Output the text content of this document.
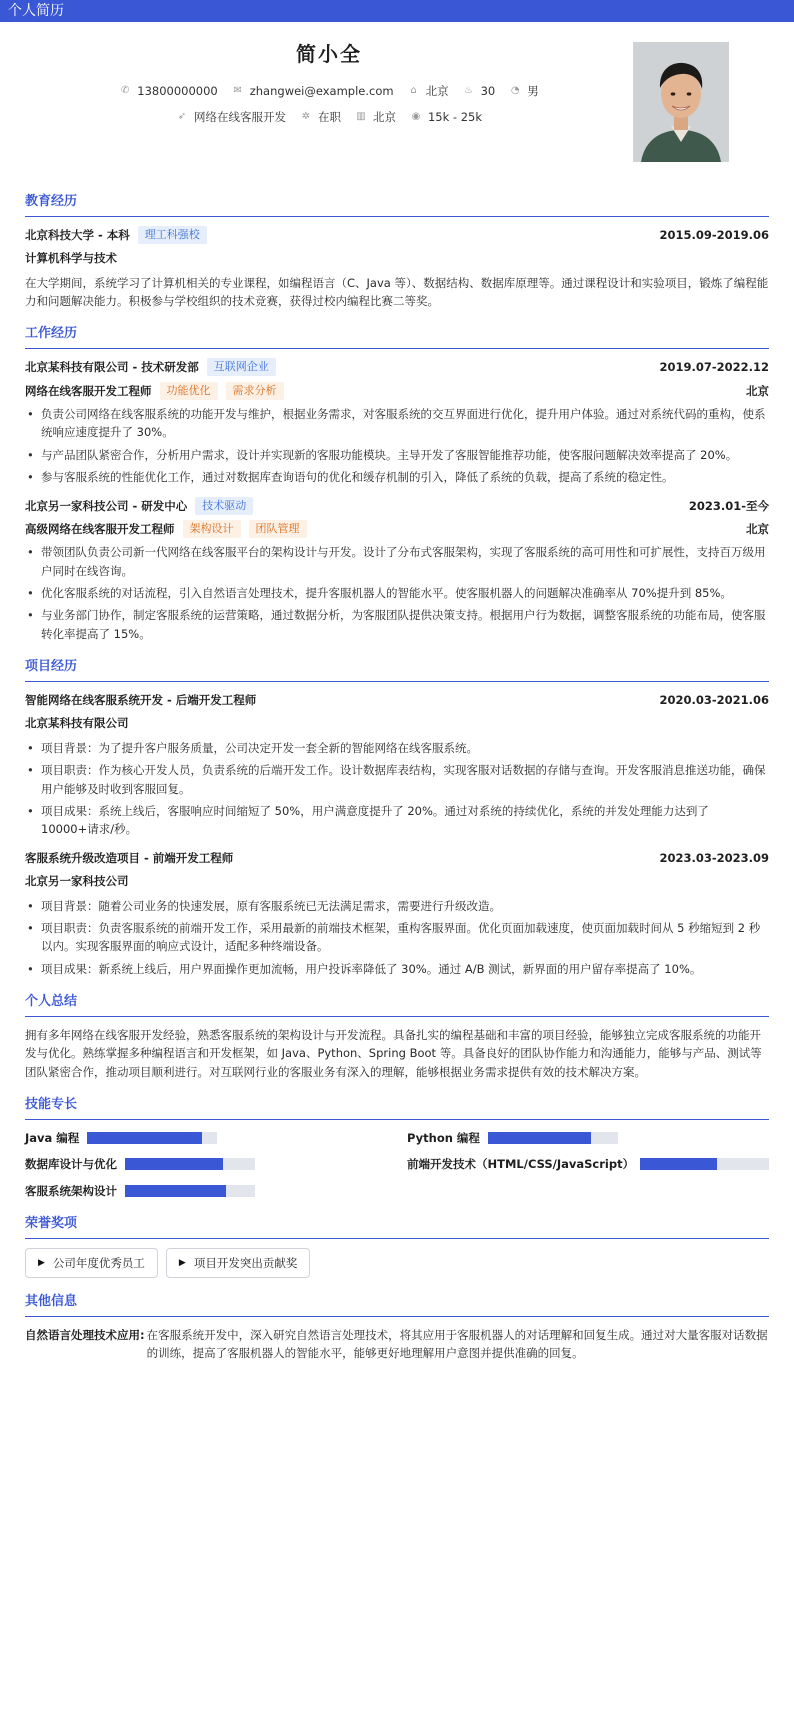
个人简历
简小全
✆ 13800000000 ✉ zhangwei@example.com ⌂ 北京 ♨ 30 ◔ 男
➶ 网络在线客服开发 ✲ 在职 ▥ 北京 ◉ 15k - 25k
教育经历
北京科技大学 - 本科	理工科强校	2015.09-2019.06
计算机科学与技术
在大学期间，系统学习了计算机相关的专业课程，如编程语言（C、Java 等）、数据结构、数据库原理等。通过课程设计和实验项目，锻炼了编程能力和问题解决能力。积极参与学校组织的技术竞赛，获得过校内编程比赛二等奖。
工作经历
北京某科技有限公司 - 技术研发部	互联网企业	2019.07-2022.12
网络在线客服开发工程师	功能优化	需求分析	北京
• 负责公司网络在线客服系统的功能开发与维护，根据业务需求，对客服系统的交互界面进行优化，提升用户体验。通过对系统代码的重构，使系统响应速度提升了 30%。
• 与产品团队紧密合作，分析用户需求，设计并实现新的客服功能模块。主导开发了客服智能推荐功能，使客服问题解决效率提高了 20%。
• 参与客服系统的性能优化工作，通过对数据库查询语句的优化和缓存机制的引入，降低了系统的负载，提高了系统的稳定性。
北京另一家科技公司 - 研发中心	技术驱动	2023.01-至今
高级网络在线客服开发工程师	架构设计	团队管理	北京
• 带领团队负责公司新一代网络在线客服平台的架构设计与开发。设计了分布式客服架构，实现了客服系统的高可用性和可扩展性，支持百万级用户同时在线咨询。
• 优化客服系统的对话流程，引入自然语言处理技术，提升客服机器人的智能水平。使客服机器人的问题解决准确率从 70%提升到 85%。
• 与业务部门协作，制定客服系统的运营策略，通过数据分析，为客服团队提供决策支持。根据用户行为数据，调整客服系统的功能布局，使客服转化率提高了 15%。
项目经历
智能网络在线客服系统开发 - 后端开发工程师	2020.03-2021.06
北京某科技有限公司
• 项目背景：为了提升客户服务质量，公司决定开发一套全新的智能网络在线客服系统。
• 项目职责：作为核心开发人员，负责系统的后端开发工作。设计数据库表结构，实现客服对话数据的存储与查询。开发客服消息推送功能，确保用户能够及时收到客服回复。
• 项目成果：系统上线后，客服响应时间缩短了 50%，用户满意度提升了 20%。通过对系统的持续优化，系统的并发处理能力达到了 10000+请求/秒。
客服系统升级改造项目 - 前端开发工程师	2023.03-2023.09
北京另一家科技公司
• 项目背景：随着公司业务的快速发展，原有客服系统已无法满足需求，需要进行升级改造。
• 项目职责：负责客服系统的前端开发工作，采用最新的前端技术框架，重构客服界面。优化页面加载速度，使页面加载时间从 5 秒缩短到 2 秒以内。实现客服界面的响应式设计，适配多种终端设备。
• 项目成果：新系统上线后，用户界面操作更加流畅，用户投诉率降低了 30%。通过 A/B 测试，新界面的用户留存率提高了 10%。
个人总结
拥有多年网络在线客服开发经验，熟悉客服系统的架构设计与开发流程。具备扎实的编程基础和丰富的项目经验，能够独立完成客服系统的功能开发与优化。熟练掌握多种编程语言和开发框架，如 Java、Python、Spring Boot 等。具备良好的团队协作能力和沟通能力，能够与产品、测试等团队紧密合作，推动项目顺利进行。对互联网行业的客服业务有深入的理解，能够根据业务需求提供有效的技术解决方案。
技能专长
Java 编程	Python 编程
数据库设计与优化	前端开发技术（HTML/CSS/JavaScript）
客服系统架构设计
荣誉奖项
▶ 公司年度优秀员工	▶ 项目开发突出贡献奖
其他信息
自然语言处理技术应用: 在客服系统开发中，深入研究自然语言处理技术，将其应用于客服机器人的对话理解和回复生成。通过对大量客服对话数据的训练，提高了客服机器人的智能水平，能够更好地理解用户意图并提供准确的回复。
